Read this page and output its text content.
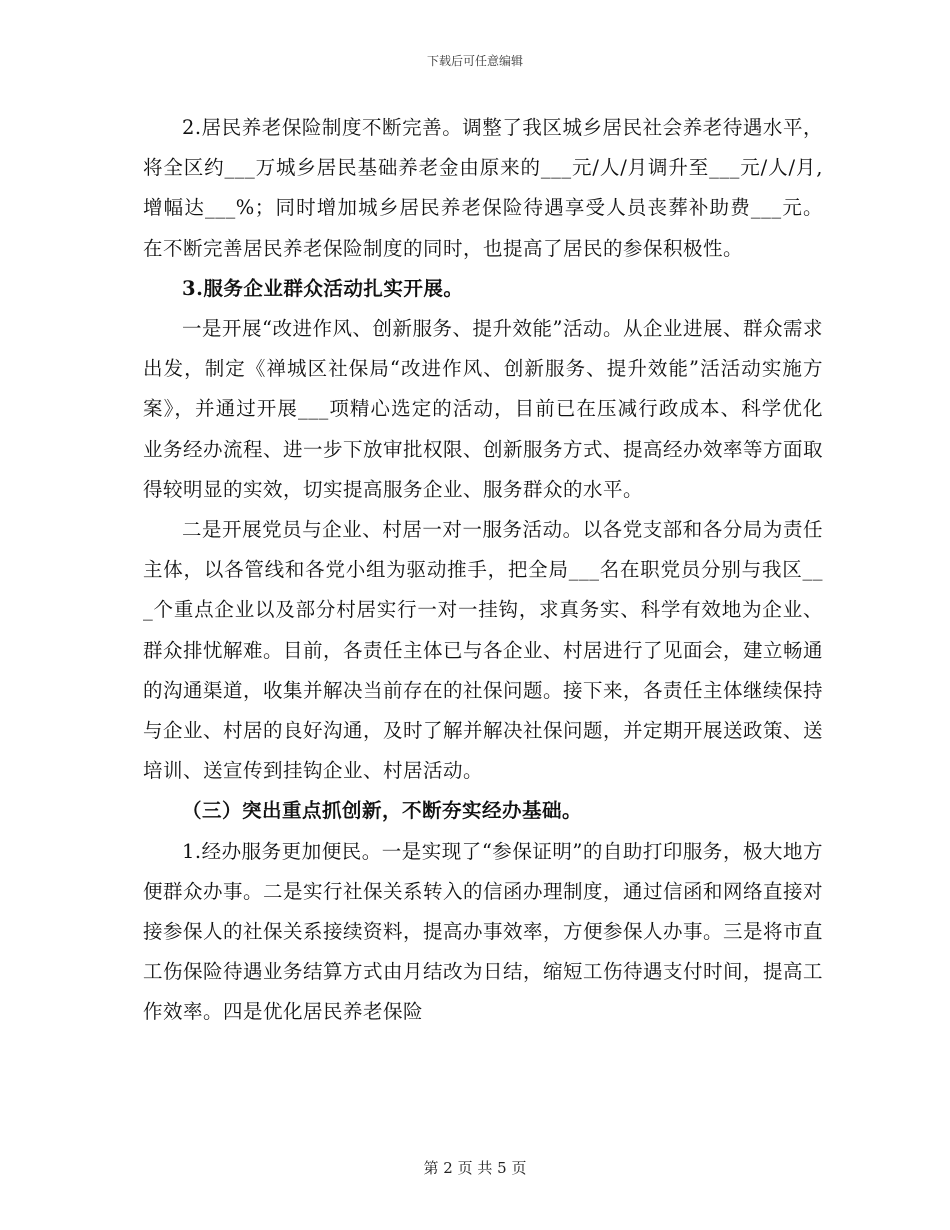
下载后可任意编辑

2.居民养老保险制度不断完善。调整了我区城乡居民社会养老待遇水平，将全区约___万城乡居民基础养老金由原来的___元/人/月调升至___元/人/月,增幅达___%；同时增加城乡居民养老保险待遇享受人员丧葬补助费___元。在不断完善居民养老保险制度的同时，也提高了居民的参保积极性。

3.服务企业群众活动扎实开展。

一是开展“改进作风、创新服务、提升效能”活动。从企业进展、群众需求出发，制定《禅城区社保局“改进作风、创新服务、提升效能”活活动实施方案》，并通过开展___项精心选定的活动，目前已在压减行政成本、科学优化业务经办流程、进一步下放审批权限、创新服务方式、提高经办效率等方面取得较明显的实效，切实提高服务企业、服务群众的水平。

二是开展党员与企业、村居一对一服务活动。以各党支部和各分局为责任主体，以各管线和各党小组为驱动推手，把全局___名在职党员分别与我区___个重点企业以及部分村居实行一对一挂钩，求真务实、科学有效地为企业、群众排忧解难。目前，各责任主体已与各企业、村居进行了见面会，建立畅通的沟通渠道，收集并解决当前存在的社保问题。接下来，各责任主体继续保持与企业、村居的良好沟通，及时了解并解决社保问题，并定期开展送政策、送培训、送宣传到挂钩企业、村居活动。

（三）突出重点抓创新，不断夯实经办基础。

1.经办服务更加便民。一是实现了“参保证明”的自助打印服务，极大地方便群众办事。二是实行社保关系转入的信函办理制度，通过信函和网络直接对接参保人的社保关系接续资料，提高办事效率，方便参保人办事。三是将市直工伤保险待遇业务结算方式由月结改为日结，缩短工伤待遇支付时间，提高工作效率。四是优化居民养老保险

第 2 页 共 5 页
